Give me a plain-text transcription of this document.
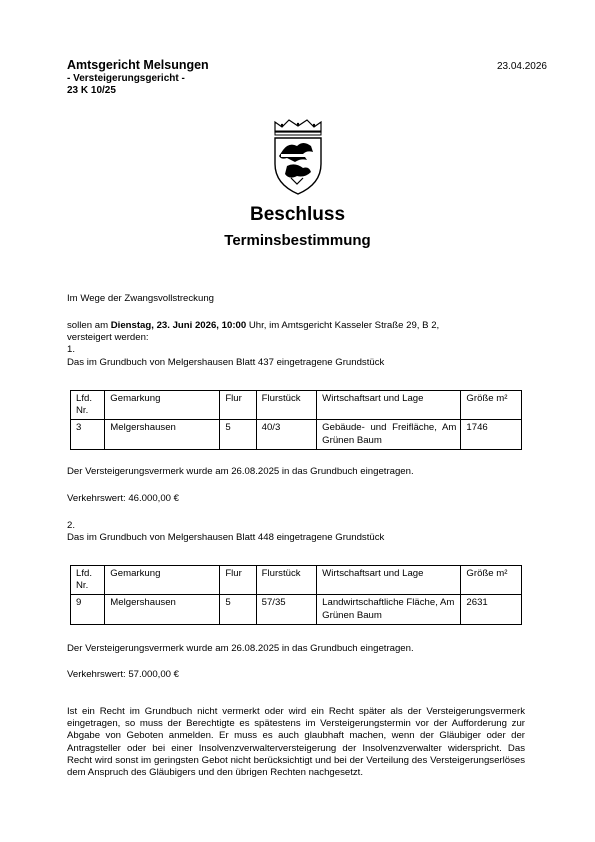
Amtsgericht Melsungen
- Versteigerungsgericht -
23 K 10/25
23.04.2026
Beschluss
Terminsbestimmung
Im Wege der Zwangsvollstreckung
sollen am Dienstag, 23. Juni 2026, 10:00 Uhr, im Amtsgericht Kasseler Straße 29, B 2,
versteigert werden:
1.
Das im Grundbuch von Melgershausen Blatt 437 eingetragene Grundstück
Lfd. Nr.	Gemarkung	Flur	Flurstück	Wirtschaftsart und Lage	Größe m²
3	Melgershausen	5	40/3	Gebäude- und Freifläche, Am Grünen Baum	1746
Der Versteigerungsvermerk wurde am 26.08.2025 in das Grundbuch eingetragen.
Verkehrswert: 46.000,00 €
2.
Das im Grundbuch von Melgershausen Blatt 448 eingetragene Grundstück
Lfd. Nr.	Gemarkung	Flur	Flurstück	Wirtschaftsart und Lage	Größe m²
9	Melgershausen	5	57/35	Landwirtschaftliche Fläche, Am Grünen Baum	2631
Der Versteigerungsvermerk wurde am 26.08.2025 in das Grundbuch eingetragen.
Verkehrswert: 57.000,00 €
Ist ein Recht im Grundbuch nicht vermerkt oder wird ein Recht später als der Versteigerungsvermerk eingetragen, so muss der Berechtigte es spätestens im Versteigerungstermin vor der Aufforderung zur Abgabe von Geboten anmelden. Er muss es auch glaubhaft machen, wenn der Gläubiger oder der Antragsteller oder bei einer Insolvenzverwalterversteigerung der Insolvenzverwalter widerspricht. Das Recht wird sonst im geringsten Gebot nicht berücksichtigt und bei der Verteilung des Versteigerungserlöses dem Anspruch des Gläubigers und den übrigen Rechten nachgesetzt.
